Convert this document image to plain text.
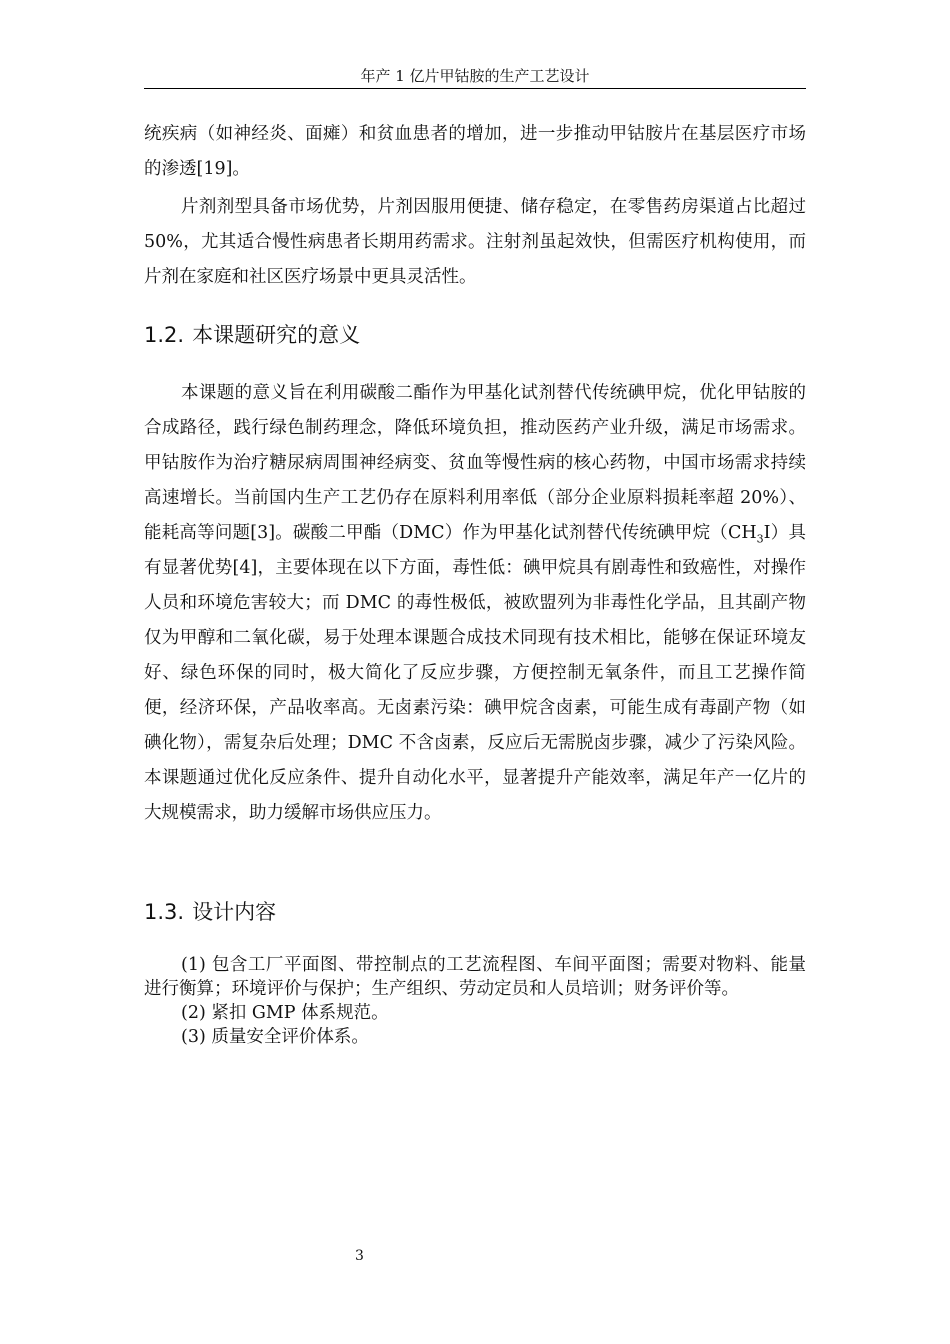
年产 1 亿片甲钴胺的生产工艺设计

统疾病（如神经炎、面瘫）和贫血患者的增加，进一步推动甲钴胺片在基层医疗市场的渗透[19]。

片剂剂型具备市场优势，片剂因服用便捷、储存稳定，在零售药房渠道占比超过 50%，尤其适合慢性病患者长期用药需求。注射剂虽起效快，但需医疗机构使用，而片剂在家庭和社区医疗场景中更具灵活性。

1.2. 本课题研究的意义

本课题的意义旨在利用碳酸二酯作为甲基化试剂替代传统碘甲烷，优化甲钴胺的合成路径，践行绿色制药理念，降低环境负担，推动医药产业升级，满足市场需求。甲钴胺作为治疗糖尿病周围神经病变、贫血等慢性病的核心药物，中国市场需求持续高速增长。当前国内生产工艺仍存在原料利用率低（部分企业原料损耗率超 20%）、能耗高等问题[3]。碳酸二甲酯（DMC）作为甲基化试剂替代传统碘甲烷$(CH_3I)$具有显著优势[4]，主要体现在以下方面，毒性低：碘甲烷具有剧毒性和致癌性，对操作人员和环境危害较大；而 DMC 的毒性极低，被欧盟列为非毒性化学品，且其副产物仅为甲醇和二氧化碳，易于处理本课题合成技术同现有技术相比，能够在保证环境友好、绿色环保的同时，极大简化了反应步骤，方便控制无氧条件，而且工艺操作简便，经济环保，产品收率高。无卤素污染：碘甲烷含卤素，可能生成有毒副产物（如碘化物），需复杂后处理；DMC 不含卤素，反应后无需脱卤步骤，减少了污染风险。本课题通过优化反应条件、提升自动化水平，显著提升产能效率，满足年产一亿片的大规模需求，助力缓解市场供应压力。

1.3. 设计内容

(1) 包含工厂平面图、带控制点的工艺流程图、车间平面图；需要对物料、能量进行衡算；环境评价与保护；生产组织、劳动定员和人员培训；财务评价等。

(2) 紧扣 GMP 体系规范。

(3) 质量安全评价体系。

3
